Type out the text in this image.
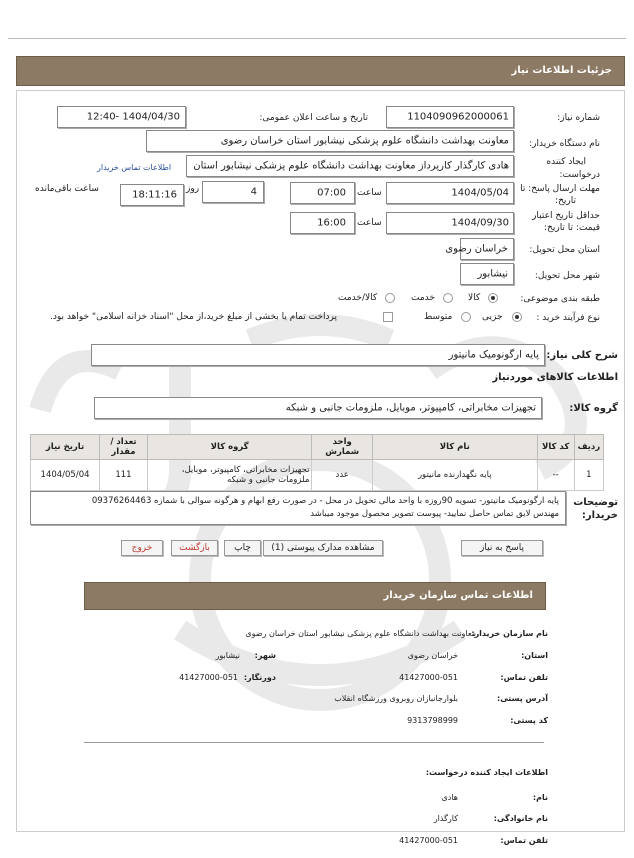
جزئیات اطلاعات نیاز
شماره نیاز:
1104090962000061
تاریخ و ساعت اعلان عمومی:
1404/04/30 -12:40
نام دستگاه خریدار:
معاونت بهداشت دانشگاه علوم پزشکی نیشابور استان خراسان رضوی
ایجاد کننده
درخواست:
هادی کارگذار کارپرداز معاونت بهداشت دانشگاه علوم پزشکی نیشابور استان
اطلاعات تماس خریدار
مهلت ارسال پاسخ: تا
تاریخ:
1404/05/04
ساعت
07:00
4
روز
18:11:16
ساعت باقی‌مانده
حداقل تاریخ اعتبار
قیمت: تا تاریخ:
1404/09/30
ساعت
16:00
استان محل تحویل:
خراسان رضوی
شهر محل تحویل:
نیشابور
طبقه بندی موضوعی:
کالا
خدمت
کالا/خدمت
نوع فرآیند خرید :
جزیی
متوسط
پرداخت تمام یا بخشی از مبلغ خرید،از محل "اسناد خزانه اسلامی" خواهد بود.
شرح کلی نیاز:
پایه ارگونومیک مانیتور
اطلاعات کالاهای موردنیاز
گروه کالا:
تجهیزات مخابراتی، کامپیوتر، موبایل، ملزومات جانبی و شبکه
ردیف	کد کالا	نام کالا	واحد شمارش	گروه کالا	تعداد / مقدار	تاریخ نیاز
1	--	پایه نگهدارنده مانیتور	عدد	تجهیزات مخابراتی، کامپیوتر، موبایل، ملزومات جانبی و شبکه	111	1404/05/04
توضیحات
خریدار:
پایه ارگونومیک مانیتور- تسویه 90روزه با واحد مالی تحویل در محل - در صورت رفع ابهام و هرگونه سوالی با شماره 09376264463
مهندس لایق تماس حاصل نمایید- پیوست تصویر محصول موجود میباشد
پاسخ به نیاز
مشاهده مدارک پیوستی (1)
چاپ
بازگشت
خروج
اطلاعات تماس سازمان خریدار
نام سازمان خریدار:
معاونت بهداشت دانشگاه علوم پزشکی نیشابور استان خراسان رضوی
استان:
خراسان رضوی
شهر:
نیشابور
تلفن تماس:
41427000-051
دورنگار:
41427000-051
آدرس پستی:
بلوارجانبازان روبروی ورزشگاه انقلاب
کد پستی:
9313798999
اطلاعات ایجاد کننده درخواست:
نام:
هادی
نام خانوادگی:
کارگذار
تلفن تماس:
41427000-051
